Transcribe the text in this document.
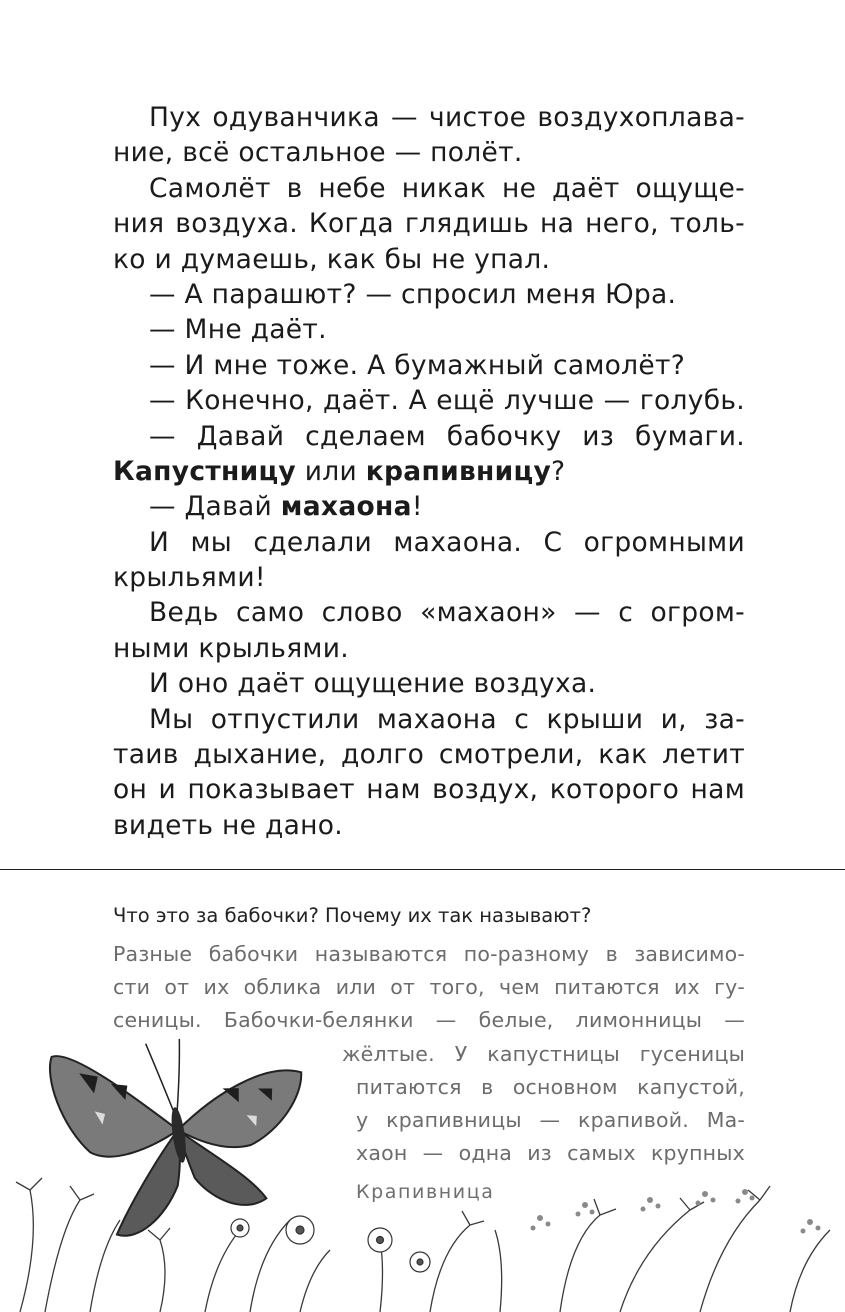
Пух одуванчика — чистое воздухоплава-
ние, всё остальное — полёт.
Самолёт в небе никак не даёт ощуще-
ния воздуха. Когда глядишь на него, толь-
ко и думаешь, как бы не упал.
— А парашют? — спросил меня Юра.
— Мне даёт.
— И мне тоже. А бумажный самолёт?
— Конечно, даёт. А ещё лучше — голубь.
— Давай сделаем бабочку из бумаги.
Капустницу или крапивницу?
— Давай махаона!
И мы сделали махаона. С огромными
крыльями!
Ведь само слово «махаон» — с огром-
ными крыльями.
И оно даёт ощущение воздуха.
Мы отпустили махаона с крыши и, за-
таив дыхание, долго смотрели, как летит
он и показывает нам воздух, которого нам
видеть не дано.
Что это за бабочки? Почему их так называют?
Разные бабочки называются по-разному в зависимо-
сти от их облика или от того, чем питаются их гу-
сеницы. Бабочки-белянки — белые, лимонницы —
жёлтые. У капустницы гусеницы
питаются в основном капустой,
у крапивницы — крапивой. Ма-
хаон — одна из самых крупных
Крапивница
